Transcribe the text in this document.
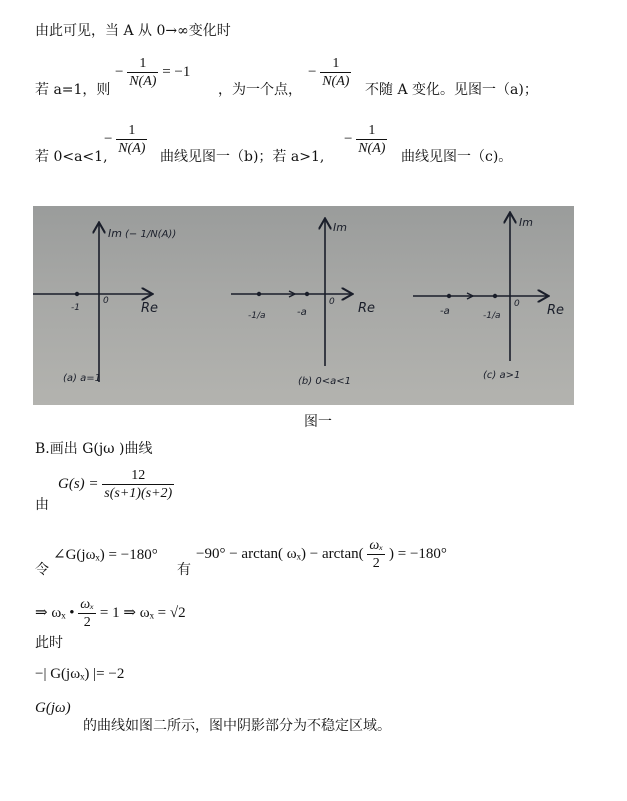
由此可见，当 A 从 0→∞变化时
若 a=1，则
− $\frac{1}{N(A)} = -1$
，为一个点，
− $\frac{1}{N(A)}$ 不随 A 变化。见图一（a)；
若 0<a<1,
− $\frac{1}{N(A)}$ 曲线见图一（b)；若 a>1,
− $\frac{1}{N(A)}$ 曲线见图一（c)。
Im (− 1/N(A))
Re
0
-1
(a) a=1
Im
Re
0
-1/a	-a
(b) 0<a<1
Im
Re
0
-a	-1/a
(c) a>1
图一
B.画出 G(jω )曲线
由
$G(s) = \frac{12}{s(s+1)(s+2)}$
令
∠G(jωₓ) = −180°
有
−90° − arctan( $\omega_x) - \arctan( \frac{\text{ωₓ}}{2}$ ) = −180°
⇒ ωₓ • $\frac{\text{ωₓ}}{2} = 1$ ⇒ ωₓ = √2
此时
−| G(jωₓ) |= −2
G(jω)
的曲线如图二所示，图中阴影部分为不稳定区域。
